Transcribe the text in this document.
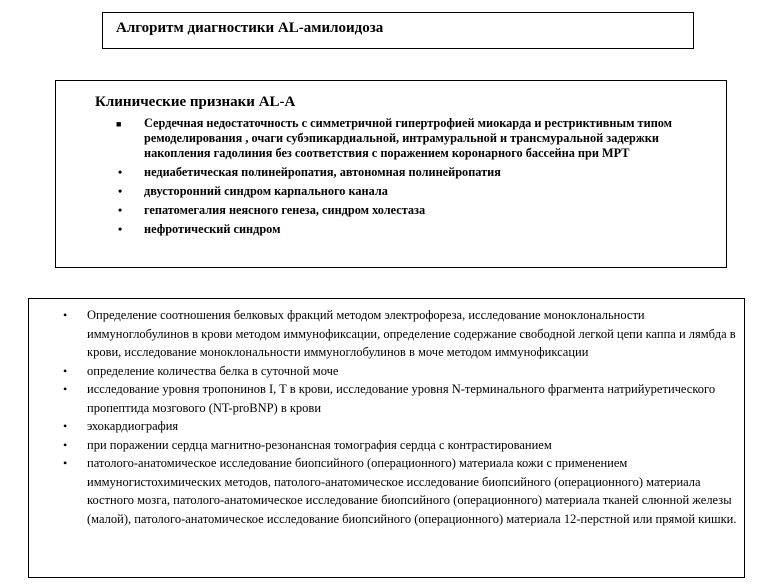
Алгоритм диагностики AL-амилоидоза
Клинические признаки AL-A
■ Сердечная недостаточность с симметричной гипертрофией миокарда и рестриктивным типом ремоделирования , очаги субэпикардиальной, интрамуральной и трансмуральной задержки накопления гадолиния без соответствия с поражением коронарного бассейна при МРТ
• недиабетическая полинейропатия, автономная полинейропатия
• двусторонний синдром карпального канала
• гепатомегалия неясного генеза, синдром холестаза
• нефротический синдром
• Определение соотношения белковых фракций методом электрофореза, исследование моноклональности иммуноглобулинов в крови методом иммунофиксации, определение содержание свободной легкой цепи каппа и лямбда в крови, исследование моноклональности иммуноглобулинов в моче методом иммунофиксации
• определение количества белка в суточной моче
• исследование уровня тропонинов I, T в крови, исследование уровня N-терминального фрагмента натрийуретического пропептида мозгового (NT-proBNP) в крови
• эхокардиография
• при поражении сердца магнитно-резонансная томография сердца с контрастированием
• патолого-анатомическое исследование биопсийного (операционного) материала кожи с применением иммуногистохимических методов, патолого-анатомическое исследование биопсийного (операционного) материала костного мозга, патолого-анатомическое исследование биопсийного (операционного) материала тканей слюнной железы (малой), патолого-анатомическое исследование биопсийного (операционного) материала 12-перстной или прямой кишки.
